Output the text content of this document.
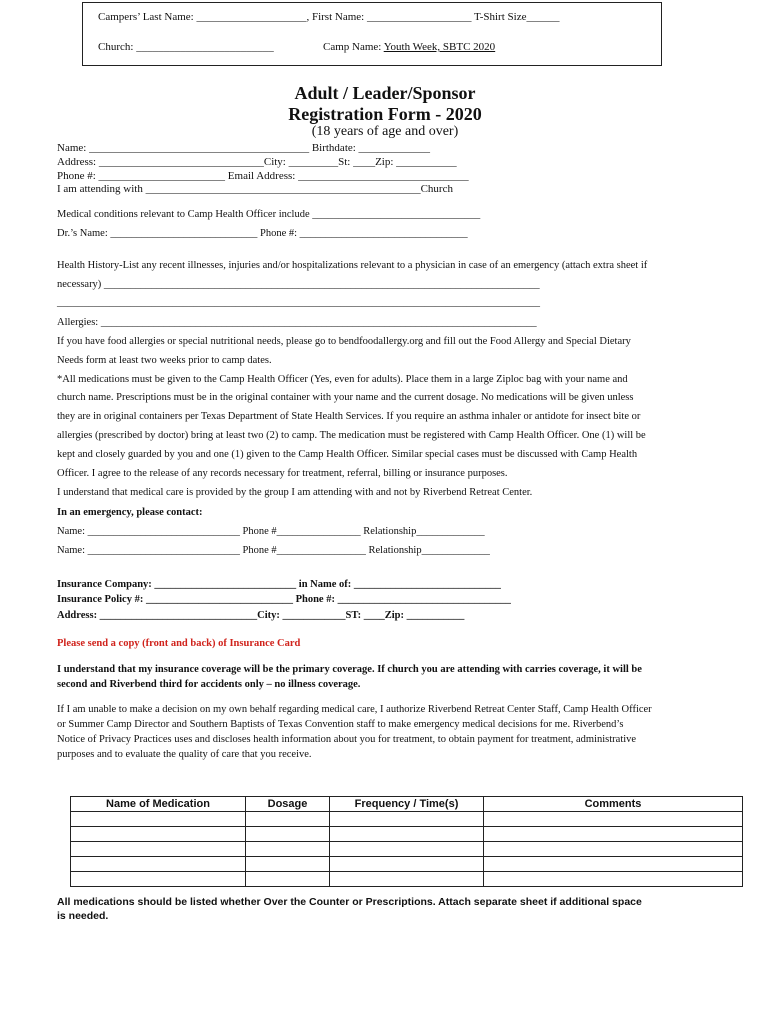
Campers’ Last Name: ____________________, First Name: ___________________ T-Shirt Size______
Church: _________________________	Camp Name: Youth Week, SBTC 2020
Adult / Leader/Sponsor
Registration Form - 2020
(18 years of age and over)
Name: ________________________________________ Birthdate: _____________
Address: ______________________________City: _________St: ____Zip: ___________
Phone #: _______________________ Email Address: _______________________________
I am attending with __________________________________________________Church
Medical conditions relevant to Camp Health Officer include ________________________________
Dr.’s Name: ____________________________ Phone #: ________________________________
Health History-List any recent illnesses, injuries and/or hospitalizations relevant to a physician in case of an emergency (attach extra sheet if
necessary) ___________________________________________________________________________________
____________________________________________________________________________________________
Allergies: ___________________________________________________________________________________
If you have food allergies or special nutritional needs, please go to bendfoodallergy.org and fill out the Food Allergy and Special Dietary
Needs form at least two weeks prior to camp dates.
*All medications must be given to the Camp Health Officer (Yes, even for adults). Place them in a large Ziploc bag with your name and
church name. Prescriptions must be in the original container with your name and the current dosage. No medications will be given unless
they are in original containers per Texas Department of State Health Services. If you require an asthma inhaler or antidote for insect bite or
allergies (prescribed by doctor) bring at least two (2) to camp. The medication must be registered with Camp Health Officer. One (1) will be
kept and closely guarded by you and one (1) given to the Camp Health Officer. Similar special cases must be discussed with Camp Health
Officer. I agree to the release of any records necessary for treatment, referral, billing or insurance purposes.
I understand that medical care is provided by the group I am attending with and not by Riverbend Retreat Center.
In an emergency, please contact:
Name: _____________________________ Phone #________________ Relationship_____________
Name: _____________________________ Phone #_________________ Relationship_____________
Insurance Company: ___________________________ in Name of: ____________________________
Insurance Policy #: ____________________________ Phone #: _________________________________
Address: ______________________________City: ____________ST: ____Zip: ___________
Please send a copy (front and back) of Insurance Card
I understand that my insurance coverage will be the primary coverage. If church you are attending with carries coverage, it will be
second and Riverbend third for accidents only – no illness coverage.
If I am unable to make a decision on my own behalf regarding medical care, I authorize Riverbend Retreat Center Staff, Camp Health Officer
or Summer Camp Director and Southern Baptists of Texas Convention staff to make emergency medical decisions for me. Riverbend’s
Notice of Privacy Practices uses and discloses health information about you for treatment, to obtain payment for treatment, administrative
purposes and to evaluate the quality of care that you receive.
Name of Medication	Dosage	Frequency / Time(s)	Comments

All medications should be listed whether Over the Counter or Prescriptions. Attach separate sheet if additional space
is needed.
